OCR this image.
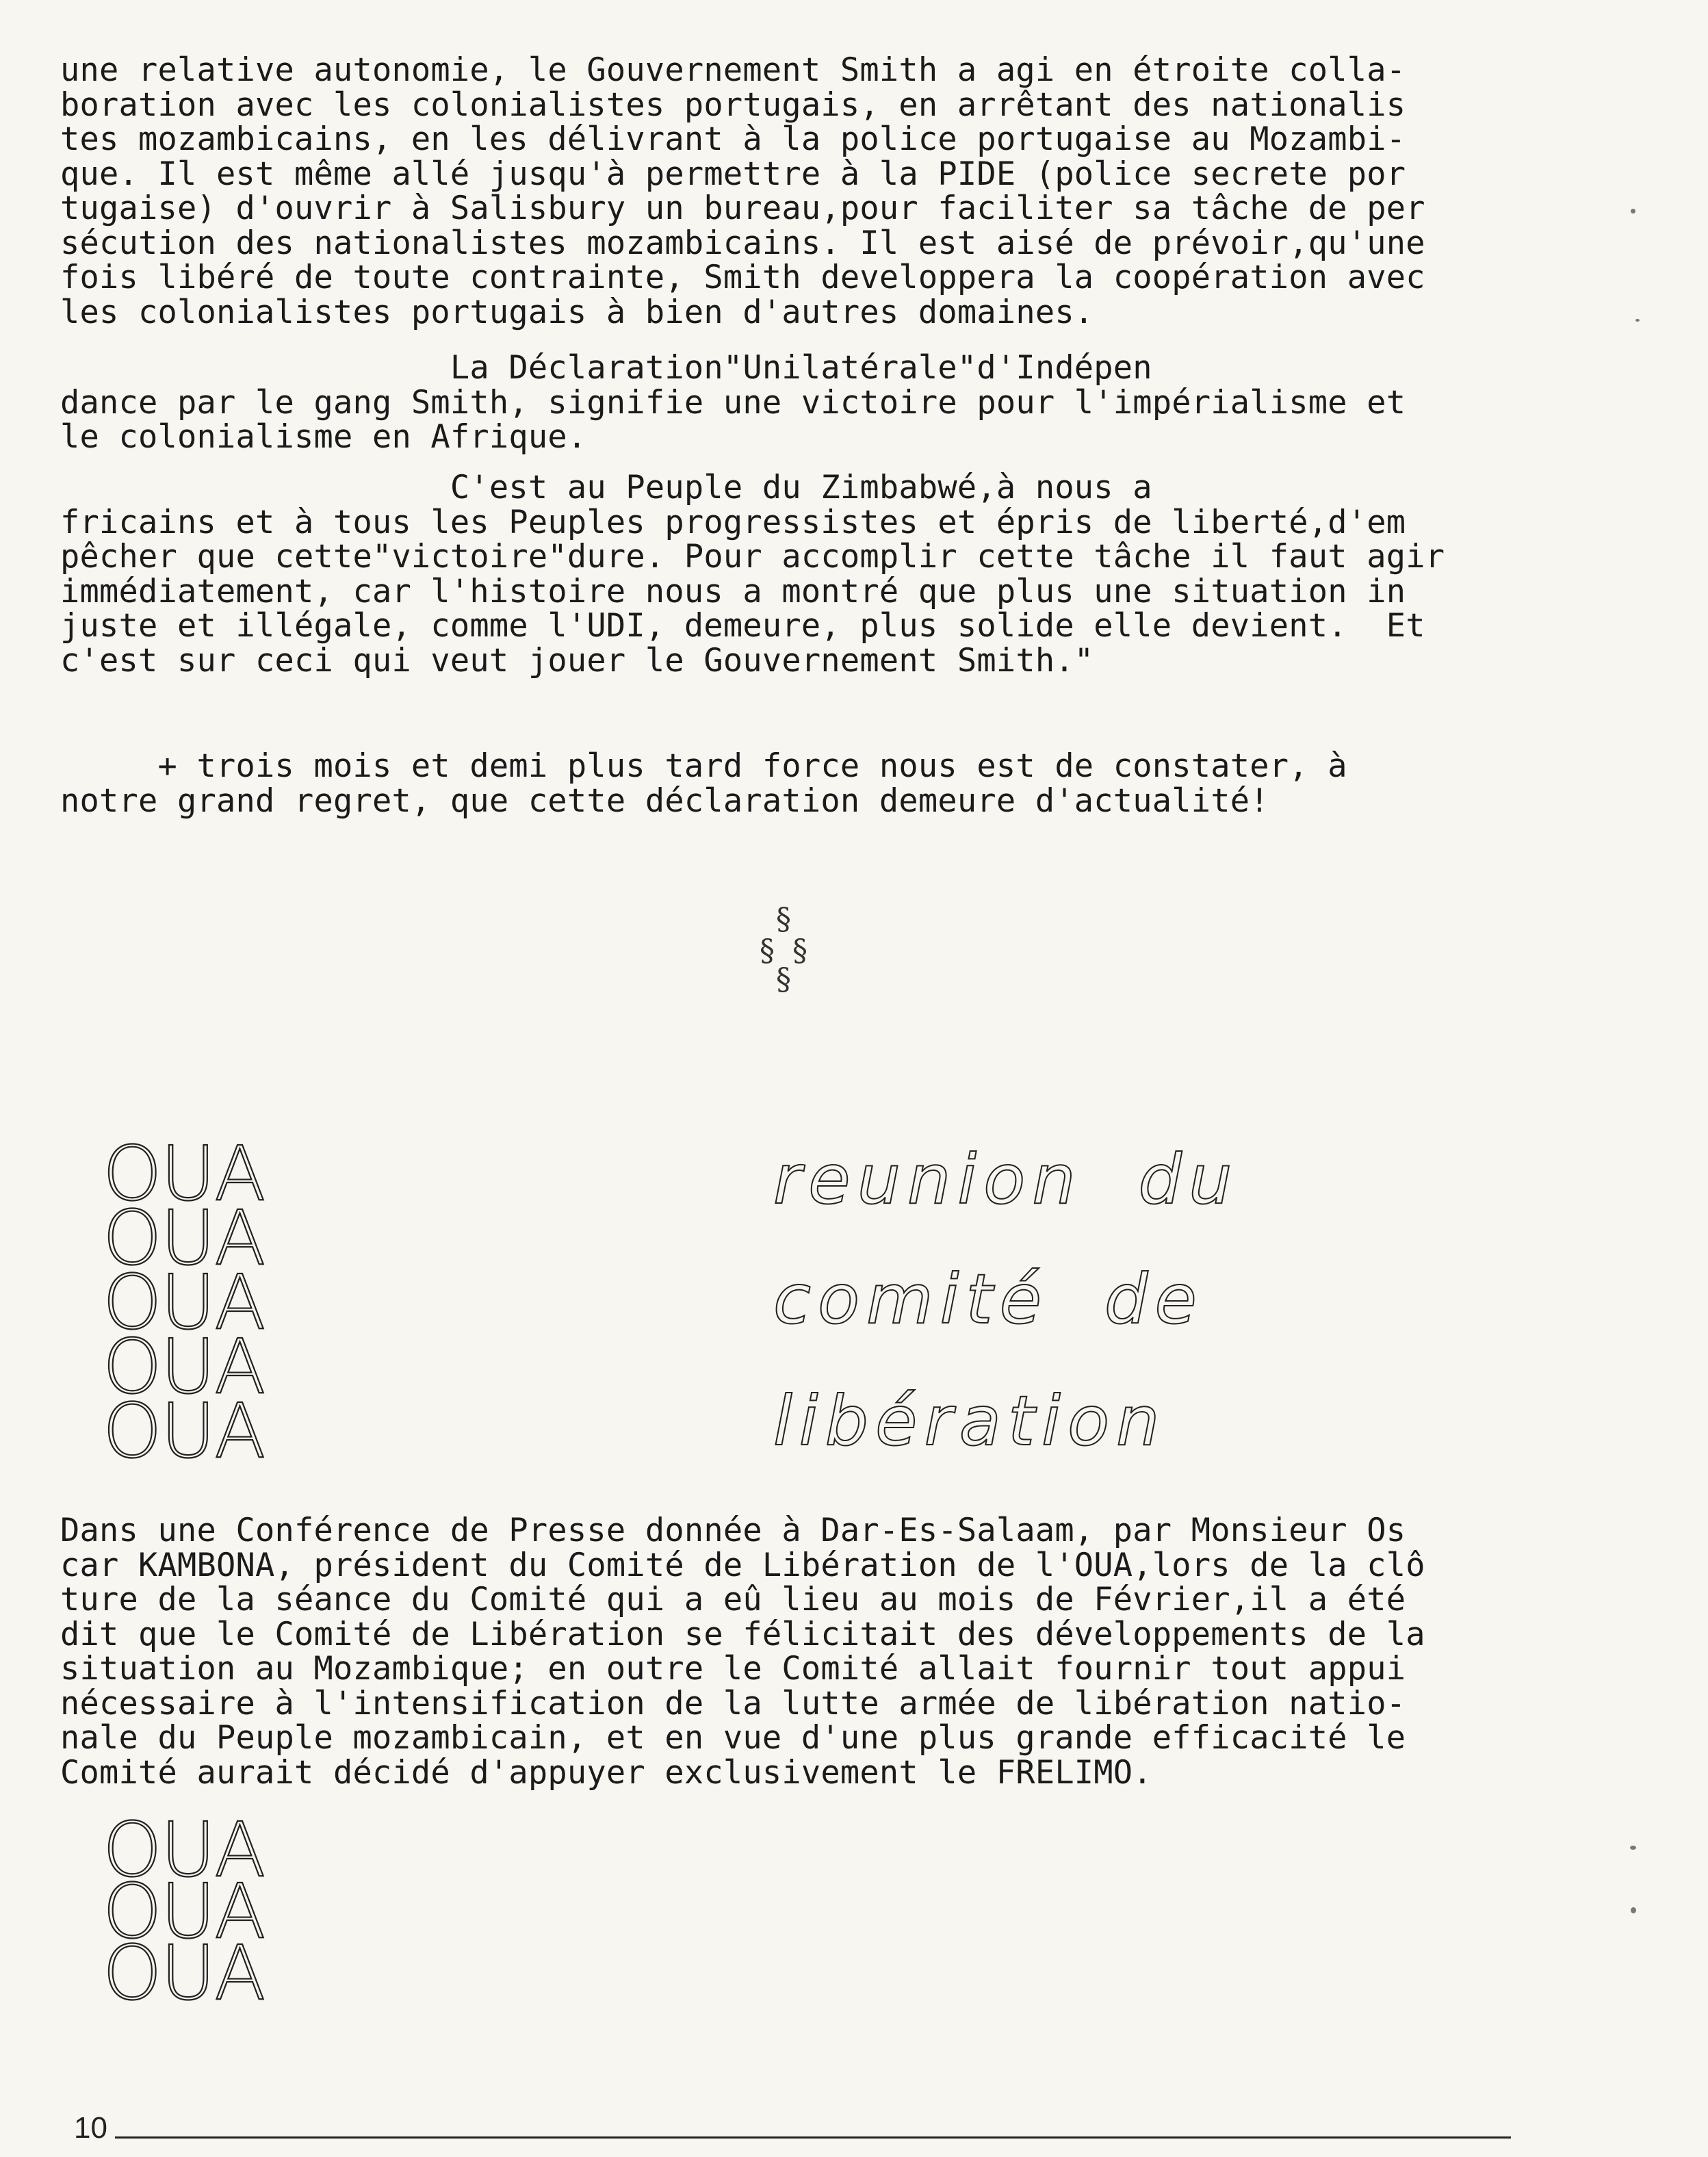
une relative autonomie, le Gouvernement Smith a agi en étroite colla-
boration avec les colonialistes portugais, en arrêtant des nationalis
tes mozambicains, en les délivrant à la police portugaise au Mozambi-
que. Il est même allé jusqu'à permettre à la PIDE (police secrete por
tugaise) d'ouvrir à Salisbury un bureau,pour faciliter sa tâche de per
sécution des nationalistes mozambicains. Il est aisé de prévoir,qu'une
fois libéré de toute contrainte, Smith developpera la coopération avec
les colonialistes portugais à bien d'autres domaines.

La Déclaration"Unilatérale"d'Indépen
dance par le gang Smith, signifie une victoire pour l'impérialisme et
le colonialisme en Afrique.

C'est au Peuple du Zimbabwé,à nous a
fricains et à tous les Peuples progressistes et épris de liberté,d'em
pêcher que cette"victoire"dure. Pour accomplir cette tâche il faut agir
immédiatement, car l'histoire nous a montré que plus une situation in
juste et illégale, comme l'UDI, demeure, plus solide elle devient.  Et
c'est sur ceci qui veut jouer le Gouvernement Smith."

+ trois mois et demi plus tard force nous est de constater, à
notre grand regret, que cette déclaration demeure d'actualité!

§
§ §
§
OUA
OUA
OUA
OUA
OUA
reunion du
comité de
libération

Dans une Conférence de Presse donnée à Dar-Es-Salaam, par Monsieur Os
car KAMBONA, président du Comité de Libération de l'OUA,lors de la clô
ture de la séance du Comité qui a eû lieu au mois de Février,il a été
dit que le Comité de Libération se félicitait des développements de la
situation au Mozambique; en outre le Comité allait fournir tout appui
nécessaire à l'intensification de la lutte armée de libération natio-
nale du Peuple mozambicain, et en vue d'une plus grande efficacité le
Comité aurait décidé d'appuyer exclusivement le FRELIMO.

OUA
OUA
OUA
10
